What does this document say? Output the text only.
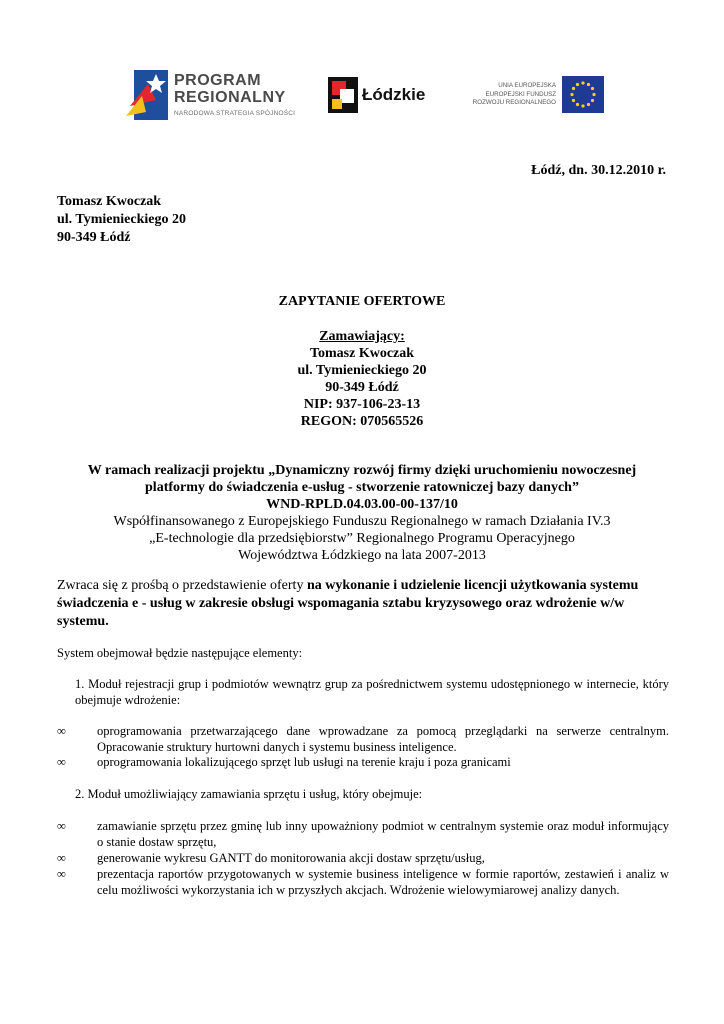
PROGRAM
REGIONALNY
NARODOWA STRATEGIA SPÓJNOŚCI
Łódzkie	UNIA EUROPEJSKA
EUROPEJSKI FUNDUSZ
ROZWOJU REGIONALNEGO
Łódź, dn. 30.12.2010 r.
Tomasz Kwoczak
ul. Tymienieckiego 20
90-349 Łódź
ZAPYTANIE OFERTOWE
Zamawiający:
Tomasz Kwoczak
ul. Tymienieckiego 20
90-349 Łódź
NIP: 937-106-23-13
REGON: 070565526
W ramach realizacji projektu „Dynamiczny rozwój firmy dzięki uruchomieniu nowoczesnej
platformy do świadczenia e-usług - stworzenie ratowniczej bazy danych”
WND-RPLD.04.03.00-00-137/10
Współfinansowanego z Europejskiego Funduszu Regionalnego w ramach Działania IV.3
„E-technologie dla przedsiębiorstw” Regionalnego Programu Operacyjnego
Województwa Łódzkiego na lata 2007-2013
Zwraca się z prośbą o przedstawienie oferty na wykonanie i udzielenie licencji użytkowania systemu świadczenia e - usług w zakresie obsługi wspomagania sztabu kryzysowego oraz wdrożenie w/w systemu.
System obejmował będzie następujące elementy:
1. Moduł rejestracji grup i podmiotów wewnątrz grup za pośrednictwem systemu udostępnionego w internecie, który obejmuje wdrożenie:
∞	oprogramowania przetwarzającego dane wprowadzane za pomocą przeglądarki na serwerze centralnym. Opracowanie struktury hurtowni danych i systemu business inteligence.
∞	oprogramowania lokalizującego sprzęt lub usługi na terenie kraju i poza granicami
2. Moduł umożliwiający zamawiania sprzętu i usług, który obejmuje:
∞	zamawianie sprzętu przez gminę lub inny upoważniony podmiot w centralnym systemie oraz moduł informujący o stanie dostaw sprzętu,
∞	generowanie wykresu GANTT do monitorowania akcji dostaw sprzętu/usług,
∞	prezentacja raportów przygotowanych w systemie business inteligence w formie raportów, zestawień i analiz w celu możliwości wykorzystania ich w przyszłych akcjach. Wdrożenie wielowymiarowej analizy danych.
